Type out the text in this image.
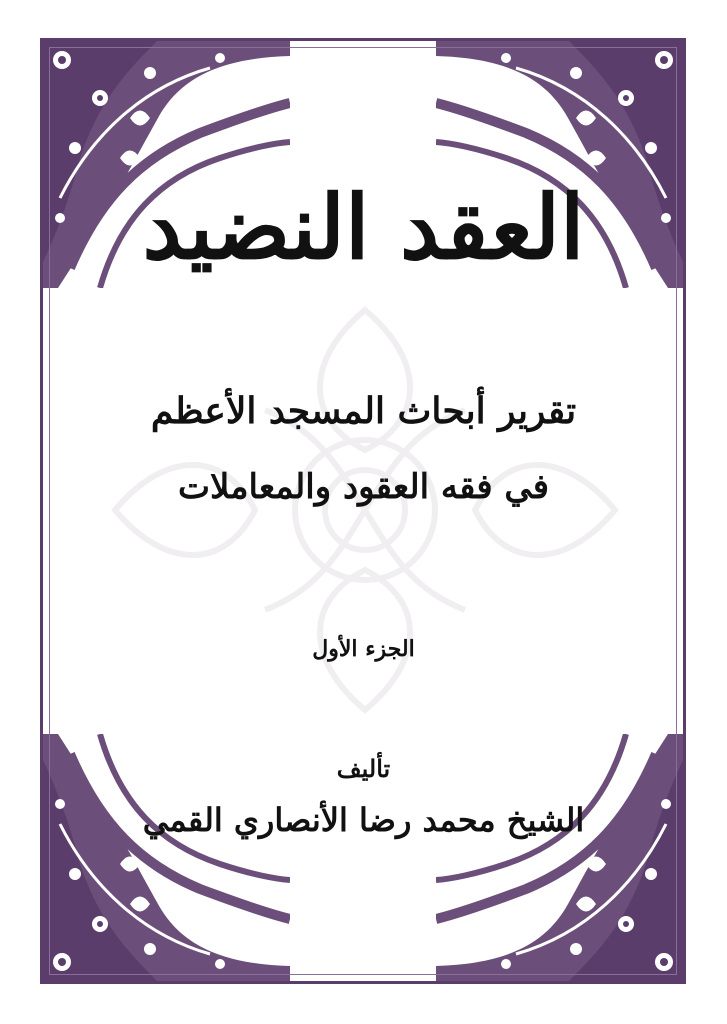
العقد النضيد
تقرير أبحاث المسجد الأعظم
في فقه العقود والمعاملات
الجزء الأول
تأليف
الشيخ محمد رضا الأنصاري القمي
